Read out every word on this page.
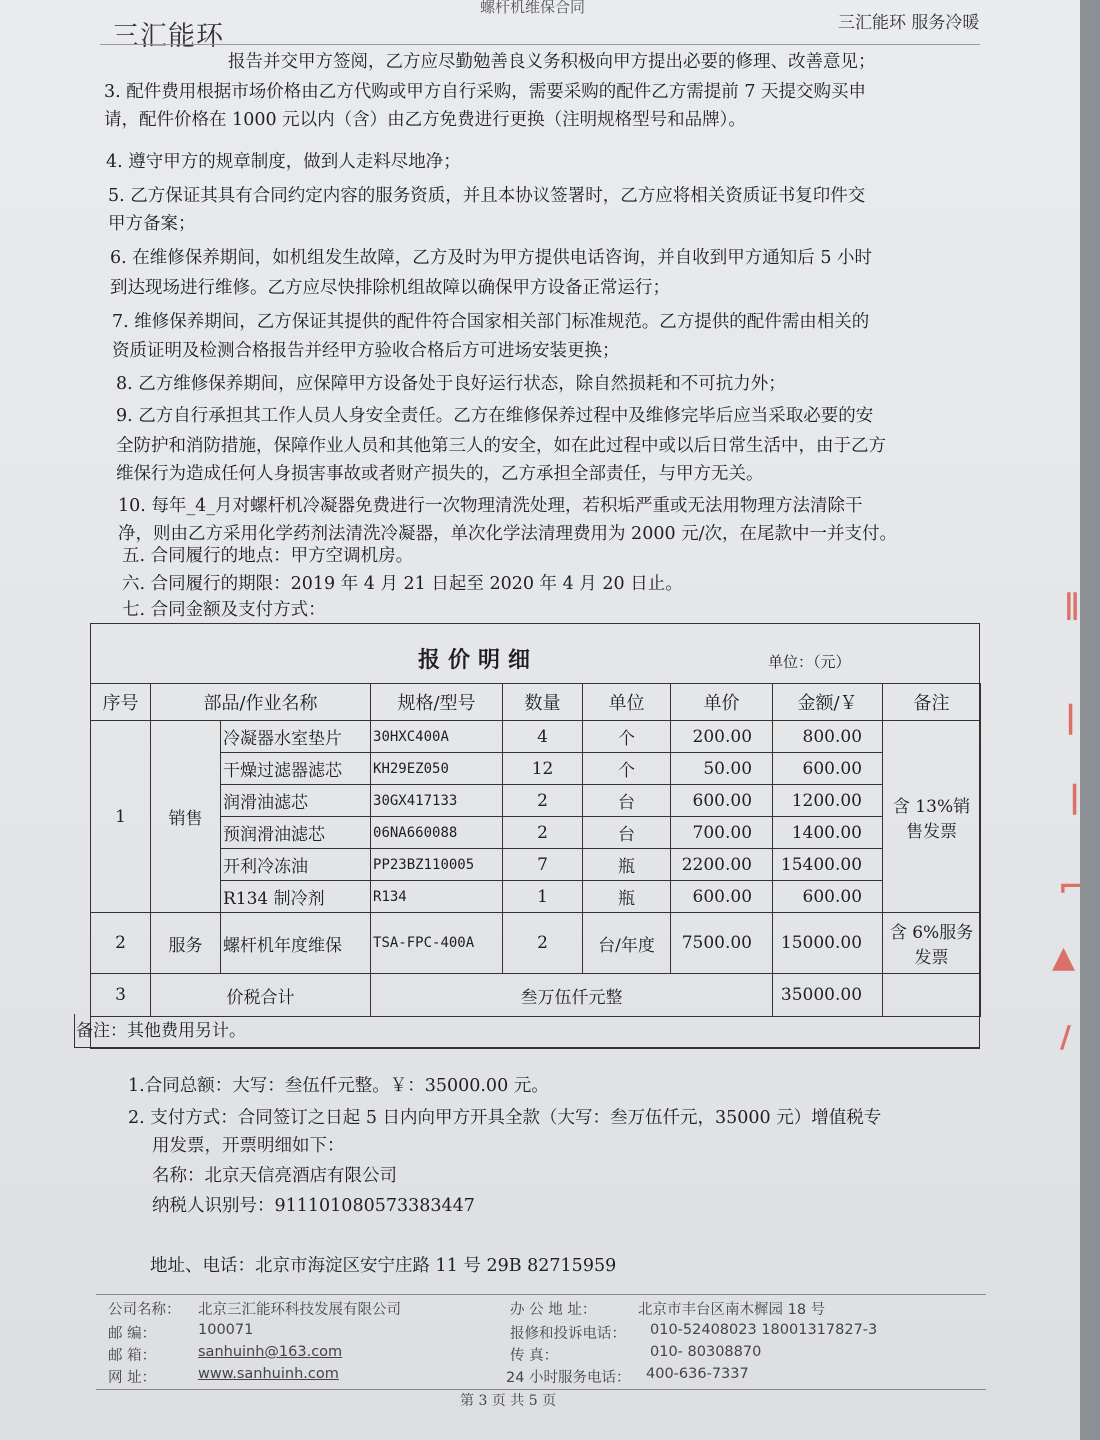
三汇能环
螺杆机维保合同
三汇能环 服务冷暖
报告并交甲方签阅，乙方应尽勤勉善良义务积极向甲方提出必要的修理、改善意见；
3. 配件费用根据市场价格由乙方代购或甲方自行采购，需要采购的配件乙方需提前 7 天提交购买申
请，配件价格在 1000 元以内（含）由乙方免费进行更换（注明规格型号和品牌）。
4. 遵守甲方的规章制度，做到人走料尽地净；
5. 乙方保证其具有合同约定内容的服务资质，并且本协议签署时，乙方应将相关资质证书复印件交
甲方备案；
6. 在维修保养期间，如机组发生故障，乙方及时为甲方提供电话咨询，并自收到甲方通知后 5 小时
到达现场进行维修。乙方应尽快排除机组故障以确保甲方设备正常运行；
7. 维修保养期间，乙方保证其提供的配件符合国家相关部门标准规范。乙方提供的配件需由相关的
资质证明及检测合格报告并经甲方验收合格后方可进场安装更换；
8. 乙方维修保养期间，应保障甲方设备处于良好运行状态，除自然损耗和不可抗力外；
9. 乙方自行承担其工作人员人身安全责任。乙方在维修保养过程中及维修完毕后应当采取必要的安
全防护和消防措施，保障作业人员和其他第三人的安全，如在此过程中或以后日常生活中，由于乙方
维保行为造成任何人身损害事故或者财产损失的，乙方承担全部责任，与甲方无关。
10. 每年_4_月对螺杆机冷凝器免费进行一次物理清洗处理，若积垢严重或无法用物理方法清除干
净，则由乙方采用化学药剂法清洗冷凝器，单次化学法清理费用为 2000 元/次，在尾款中一并支付。
五. 合同履行的地点：甲方空调机房。
六. 合同履行的期限：2019 年 4 月 21 日起至 2020 年 4 月 20 日止。
七. 合同金额及支付方式：
报价明细	单位：（元）
序号	部品/作业名称		规格/型号	数量	单位	单价	金额/￥	备注
1	销售	冷凝器水室垫片	30HXC400A	4	个	200.00	800.00	含 13%销售发票
		干燥过滤器滤芯	KH29EZ050	12	个	50.00	600.00	
		润滑油滤芯	30GX417133	2	台	600.00	1200.00	
		预润滑油滤芯	06NA660088	2	台	700.00	1400.00	
		开利冷冻油	PP23BZ110005	7	瓶	2200.00	15400.00	
		R134 制冷剂	R134	1	瓶	600.00	600.00	
2	服务	螺杆机年度维保	TSA-FPC-400A	2	台/年度	7500.00	15000.00	含 6%服务发票
3	价税合计		叁万伍仟元整				35000.00	
备注：其他费用另计。
1.合同总额：大写：叁伍仟元整。￥：35000.00 元。
2. 支付方式：合同签订之日起 5 日内向甲方开具全款（大写：叁万伍仟元，35000 元）增值税专
用发票，开票明细如下：
名称：北京天信亮酒店有限公司
纳税人识别号：911101080573383447
地址、电话：北京市海淀区安宁庄路 11 号 29B 82715959
公司名称： 北京三汇能环科技发展有限公司
邮 编：	100071
邮 箱：	sanhuinh@163.com
网 址：	www.sanhuinh.com
办 公 地 址：	北京市丰台区南木樨园 18 号
报修和投诉电话： 010-52408023 18001317827-3
传 真：	010- 80308870
24 小时服务电话： 400-636-7337
第 3 页 共 5 页
∥
❘
❘
⌐
▲
∕
